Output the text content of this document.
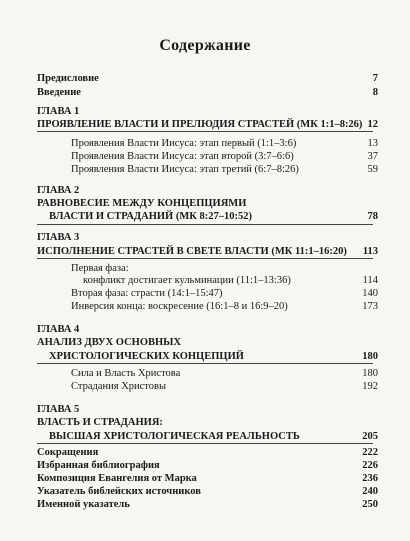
Содержание
Предисловие	7
Введение	8
ГЛАВА 1
ПРОЯВЛЕНИЕ ВЛАСТИ И ПРЕЛЮДИЯ СТРАСТЕЙ (МК 1:1–8:26) 12
Проявления Власти Иисуса: этап первый (1:1–3:6)	13
Проявления Власти Иисуса: этап второй (3:7–6:6)	37
Проявления Власти Иисуса: этап третий (6:7–8:26)	59
ГЛАВА 2
РАВНОВЕСИЕ МЕЖДУ КОНЦЕПЦИЯМИ
ВЛАСТИ И СТРАДАНИЙ (МК 8:27–10:52)	78
ГЛАВА 3
ИСПОЛНЕНИЕ СТРАСТЕЙ В СВЕТЕ ВЛАСТИ (МК 11:1–16:20) 113
Первая фаза:
конфликт достигает кульминации (11:1–13:36)	114
Вторая фаза: страсти (14:1–15:47)	140
Инверсия конца: воскресение (16:1–8 и 16:9–20)	173
ГЛАВА 4
АНАЛИЗ ДВУХ ОСНОВНЫХ
ХРИСТОЛОГИЧЕСКИХ КОНЦЕПЦИЙ	180
Сила и Власть Христова	180
Страдания Христовы	192
ГЛАВА 5
ВЛАСТЬ И СТРАДАНИЯ:
ВЫСШАЯ ХРИСТОЛОГИЧЕСКАЯ РЕАЛЬНОСТЬ	205
Сокращения	222
Избранная библиография	226
Композиция Евангелия от Марка	236
Указатель библейских источников	240
Именной указатель	250
